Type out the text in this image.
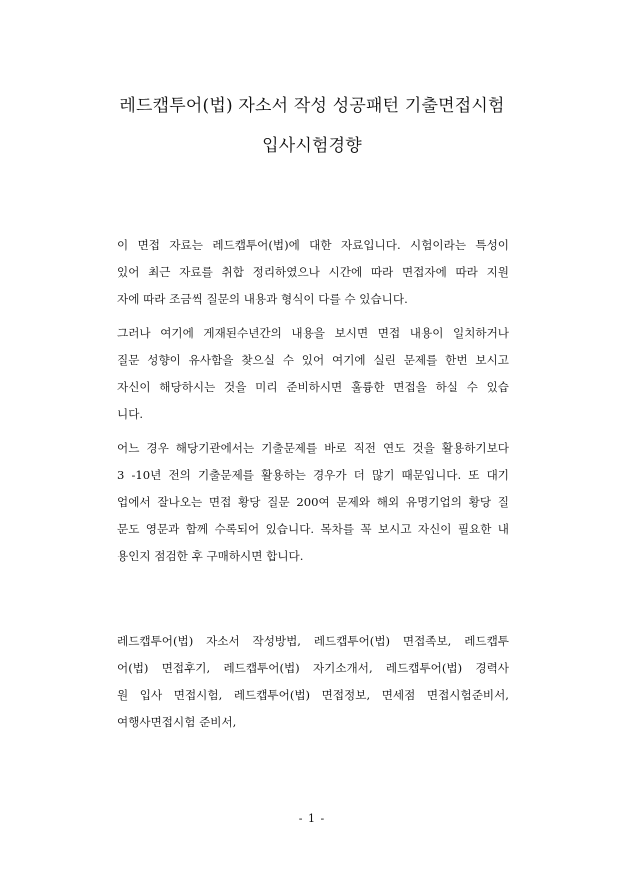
레드캡투어(법) 자소서 작성 성공패턴 기출면접시험
입사시험경향
이 면접 자료는 레드캡투어(법)에 대한 자료입니다. 시험이라는 특성이
있어 최근 자료를 취합 정리하였으나 시간에 따라 면접자에 따라 지원
자에 따라 조금씩 질문의 내용과 형식이 다를 수 있습니다.
그러나 여기에 게재된수년간의 내용을 보시면 면접 내용이 일치하거나
질문 성향이 유사함을 찾으실 수 있어 여기에 실린 문제를 한번 보시고
자신이 해당하시는 것을 미리 준비하시면 훌륭한 면접을 하실 수 있습
니다.
어느 경우 해당기관에서는 기출문제를 바로 직전 연도 것을 활용하기보다
3 -10년 전의 기출문제를 활용하는 경우가 더 많기 때문입니다. 또 대기
업에서 잘나오는 면접 황당 질문 200여 문제와 해외 유명기업의 황당 질
문도 영문과 함께 수록되어 있습니다. 목차를 꼭 보시고 자신이 필요한 내
용인지 점검한 후 구매하시면 합니다.
레드캡투어(법) 자소서 작성방법, 레드캡투어(법) 면접족보, 레드캡투
어(법) 면접후기, 레드캡투어(법) 자기소개서, 레드캡투어(법) 경력사
원 입사 면접시험, 레드캡투어(법) 면접정보, 면세점 면접시험준비서,
여행사면접시험 준비서,
- 1 -
